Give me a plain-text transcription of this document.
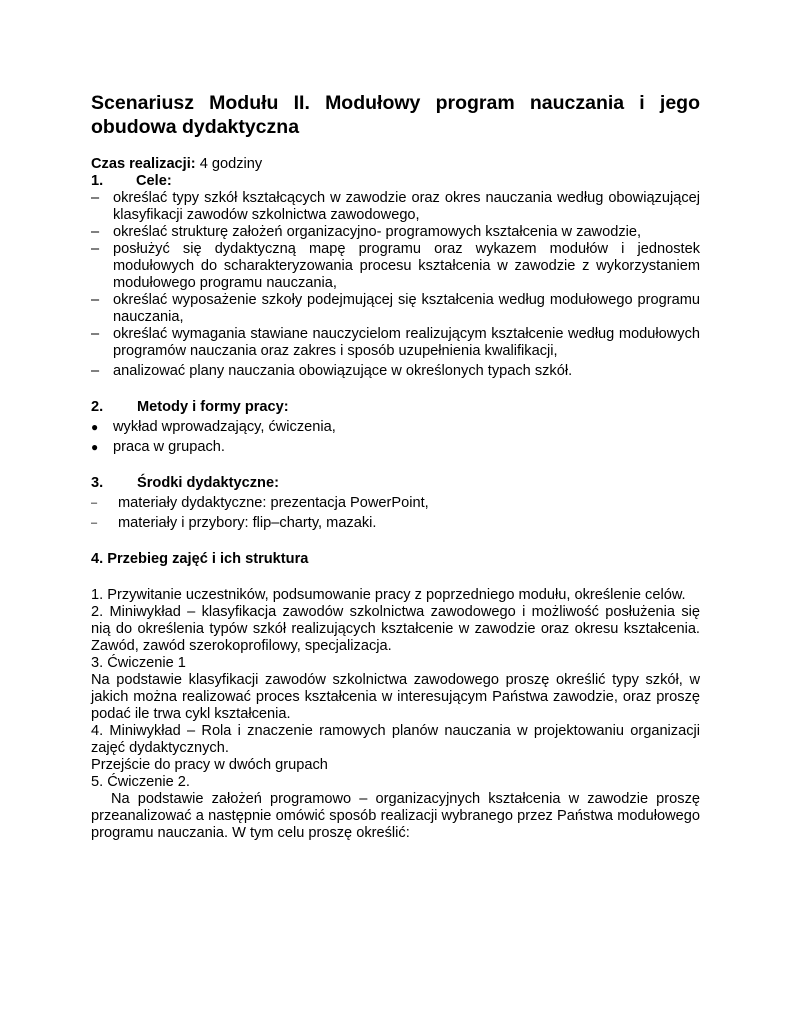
Scenariusz Modułu II. Modułowy program nauczania i jego obudowa dydaktyczna
Czas realizacji: 4 godziny
1.	Cele:
– określać typy szkół kształcących w zawodzie oraz okres nauczania według obowiązującej klasyfikacji zawodów szkolnictwa zawodowego,
– określać strukturę założeń organizacyjno- programowych kształcenia w zawodzie,
– posłużyć się dydaktyczną mapę programu oraz wykazem modułów i jednostek modułowych do scharakteryzowania procesu kształcenia w zawodzie z wykorzystaniem modułowego programu nauczania,
– określać wyposażenie szkoły podejmującej się kształcenia według modułowego programu nauczania,
– określać wymagania stawiane nauczycielom realizującym kształcenie według modułowych programów nauczania oraz zakres i sposób uzupełnienia kwalifikacji,
– analizować plany nauczania obowiązujące w określonych typach szkół.
2.	Metody i formy pracy:
●	wykład wprowadzający, ćwiczenia,
●	praca w grupach.
3.	Środki dydaktyczne:
–	materiały dydaktyczne: prezentacja PowerPoint,
–	materiały i przybory: flip–charty, mazaki.
4. Przebieg zajęć i ich struktura
1. Przywitanie uczestników, podsumowanie pracy z poprzedniego modułu, określenie celów.
2. Miniwykład – klasyfikacja zawodów szkolnictwa zawodowego i możliwość posłużenia się nią do określenia typów szkół realizujących kształcenie w zawodzie oraz okresu kształcenia. Zawód, zawód szerokoprofilowy, specjalizacja.
3. Ćwiczenie 1
Na podstawie klasyfikacji zawodów szkolnictwa zawodowego proszę określić typy szkół, w jakich można realizować proces kształcenia w interesującym Państwa zawodzie, oraz proszę podać ile trwa cykl kształcenia.
4. Miniwykład – Rola i znaczenie ramowych planów nauczania w projektowaniu organizacji zajęć dydaktycznych.
Przejście do pracy w dwóch grupach
5. Ćwiczenie 2.
Na podstawie założeń programowo – organizacyjnych kształcenia w zawodzie proszę przeanalizować a następnie omówić sposób realizacji wybranego przez Państwa modułowego programu nauczania. W tym celu proszę określić:
